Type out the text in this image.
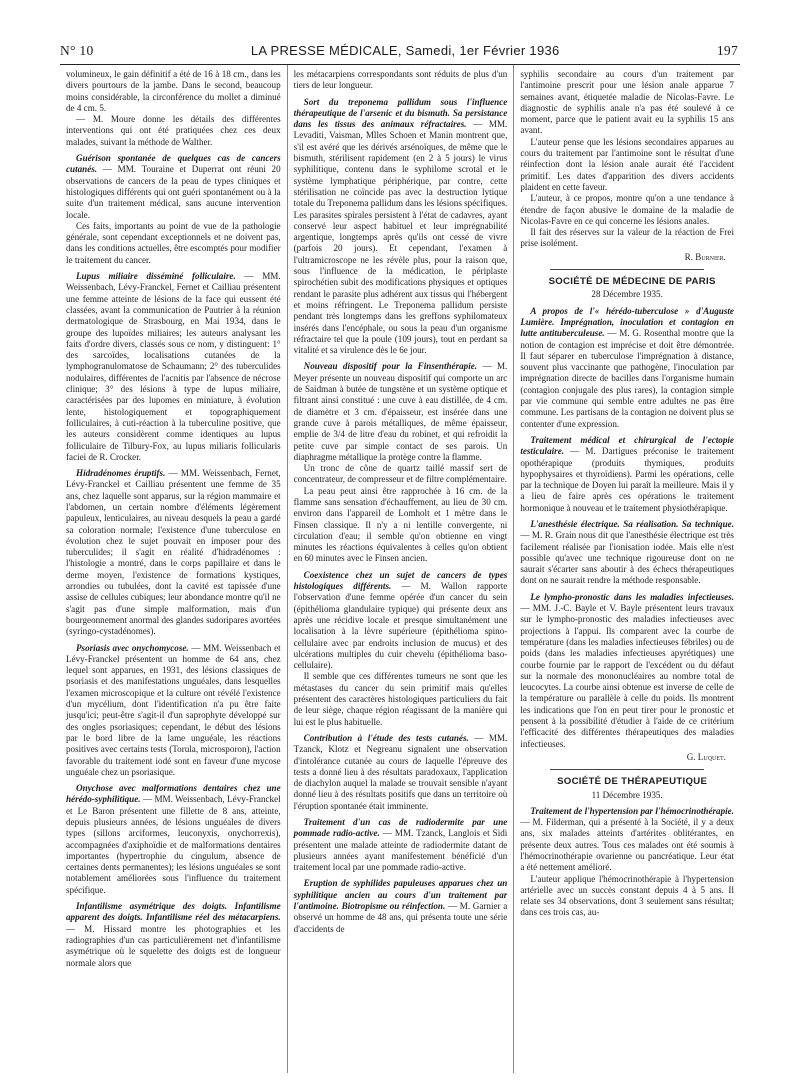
N° 10	LA PRESSE MÉDICALE, Samedi, 1er Février 1936	197

volumineux, le gain définitif a été de 16 à 18 cm., dans les divers pourtours de la jambe. Dans le second, beaucoup moins considérable, la circonférence du mollet a diminué de 4 cm. 5.

— M. Moure donne les détails des différentes interventions qui ont été pratiquées chez ces deux malades, suivant la méthode de Walther.

Guérison spontanée de quelques cas de cancers cutanés. — MM. Touraine et Duperrat ont réuni 20 observations de cancers de la peau de types cliniques et histologiques différents qui ont guéri spontanément ou à la suite d'un traitement médical, sans aucune intervention locale.

Ces faits, importants au point de vue de la pathologie générale, sont cependant exceptionnels et ne doivent pas, dans les conditions actuelles, être escomptés pour modifier le traitement du cancer.

Lupus miliaire disséminé folliculaire. — MM. Weissenbach, Lévy-Franckel, Fernet et Cailliau présentent une femme atteinte de lésions de la face qui eussent été classées, avant la communication de Pautrier à la réunion dermatologique de Strasbourg, en Mai 1934, dans le groupe des lupoïdes miliaires; les auteurs analysant les faits d'ordre divers, classés sous ce nom, y distinguent: 1° des sarcoïdes, localisations cutanées de la lymphogranulomatose de Schaumann; 2° des tuberculides nodulaires, différentes de l'acnitis par l'absence de nécrose clinique; 3° des lésions à type de lupus miliaire, caractérisées par des lupomes en miniature, à évolution lente, histologiquement et topographiquement folliculaires, à cuti-réaction à la tuberculine positive, que les auteurs considèrent comme identiques au lupus folliculaire de Tilbury-Fox, au lupus miliaris follicularis faciei de R. Crocker.

Hidradénomes éruptifs. — MM. Weissenbach, Fernet, Lévy-Franckel et Cailliau présentent une femme de 35 ans, chez laquelle sont apparus, sur la région mammaire et l'abdomen, un certain nombre d'éléments légèrement papuleux, lenticulaires, au niveau desquels la peau a gardé sa coloration normale; l'existence d'une tuberculose en évolution chez le sujet pouvait en imposer pour des tuberculides; il s'agit en réalité d'hidradénomes : l'histologie a montré, dans le corps papillaire et dans le derme moyen, l'existence de formations kystiques, arrondies ou tubulées, dont la cavité est tapissée d'une assise de cellules cubiques; leur abondance montre qu'il ne s'agit pas d'une simple malformation, mais d'un bourgeonnement anormal des glandes sudoripares avortées (syringo-cystadénomes).

Psoriasis avec onychomycose. — MM. Weissenbach et Lévy-Franckel présentent un homme de 64 ans, chez lequel sont apparues, en 1931, des lésions classiques de psoriasis et des manifestations unguéales, dans lesquelles l'examen microscopique et la culture ont révélé l'existence d'un mycélium, dont l'identification n'a pu être faite jusqu'ici; peut-être s'agit-il d'un saprophyte développé sur des ongles psoriasiques; cependant, le début des lésions par le bord libre de la lame unguéale, les réactions positives avec certains tests (Torula, microsporon), l'action favorable du traitement iodé sont en faveur d'une mycose unguéale chez un psoriasique.

Onychose avec malformations dentaires chez une hérédo-syphilitique. — MM. Weissenbach, Lévy-Franckel et Le Baron présentent une fillette de 8 ans, atteinte, depuis plusieurs années, de lésions unguéales de divers types (sillons arciformes, leuconyxis, onychorrexis), accompagnées d'axiphoïdie et de malformations dentaires importantes (hypertrophie du cingulum, absence de certaines dents permanentes); les lésions unguéales se sont notablement améliorées sous l'influence du traitement spécifique.

Infantilisme asymétrique des doigts. Infantilisme apparent des doigts. Infantilisme réel des métacarpiens. — M. Hissard montre les photographies et les radiographies d'un cas particulièrement net d'infantilisme asymétrique où le squelette des doigts est de longueur normale alors que

les métacarpiens correspondants sont réduits de plus d'un tiers de leur longueur.

Sort du treponema pallidum sous l'influence thérapeutique de l'arsenic et du bismuth. Sa persistance dans les tissus des animaux réfractaires. — MM. Levaditi, Vaisman, Mlles Schoen et Manin montrent que, s'il est avéré que les dérivés arsénoïques, de même que le bismuth, stérilisent rapidement (en 2 à 5 jours) le virus syphilitique, contenu dans le syphilome scrotal et le système lymphatique périphérique, par contre, cette stérilisation ne coïncide pas avec la destruction lytique totale du Treponema pallidum dans les lésions spécifiques. Les parasites spirales persistent à l'état de cadavres, ayant conservé leur aspect habituel et leur imprégnabilité argentique, longtemps après qu'ils ont cessé de vivre (parfois 20 jours). Et cependant, l'examen à l'ultramicroscope ne les révèle plus, pour la raison que, sous l'influence de la médication, le périplaste spirochétien subit des modifications physiques et optiques rendant le parasite plus adhérent aux tissus qui l'hébergent et moins réfringent. Le Treponema pallidum persiste pendant très longtemps dans les greffons syphilomateux insérés dans l'encéphale, ou sous la peau d'un organisme réfractaire tel que la poule (109 jours), tout en perdant sa vitalité et sa virulence dès le 6e jour.

Nouveau dispositif pour la Finsenthérapie. — M. Meyer présente un nouveau dispositif qui comporte un arc de Saidman à butée de tungstène et un système optique et filtrant ainsi constitué : une cuve à eau distillée, de 4 cm. de diamètre et 3 cm. d'épaisseur, est insérée dans une grande cuve à parois métalliques, de même épaisseur, emplie de 3/4 de litre d'eau du robinet, et qui refroidit la petite cuve par simple contact de ses parois. Un diaphragme métallique la protège contre la flamme.

Un tronc de cône de quartz taillé massif sert de concentrateur, de compresseur et de filtre complémentaire.

La peau peut ainsi être rapprochée à 16 cm. de la flamme sans sensation d'échauffement, au lieu de 30 cm. environ dans l'appareil de Lomholt et 1 mètre dans le Finsen classique. Il n'y a ni lentille convergente, ni circulation d'eau; il semble qu'on obtienne en vingt minutes les réactions équivalentes à celles qu'on obtient en 60 minutes avec le Finsen ancien.

Coexistence chez un sujet de cancers de types histologiques différents. — M. Wallon rapporte l'observation d'une femme opérée d'un cancer du sein (épithélioma glandulaire typique) qui présente deux ans après une récidive locale et presque simultanément une localisation à la lèvre supérieure (épithélioma spino-cellulaire avec par endroits inclusion de mucus) et des ulcérations multiples du cuir chevelu (épithélioma baso-cellulaire).

Il semble que ces différentes tumeurs ne sont que les métastases du cancer du sein primitif mais qu'elles présentent des caractères histologiques particuliers du fait de leur siège, chaque région réagissant de la manière qui lui est le plus habituelle.

Contribution à l'étude des tests cutanés. — MM. Tzanck, Klotz et Negreanu signalent une observation d'intolérance cutanée au cours de laquelle l'épreuve des tests a donné lieu à des résultats paradoxaux, l'application de diachylon auquel la malade se trouvait sensible n'ayant donné lieu à des résultats positifs que dans un territoire où l'éruption spontanée était imminente.

Traitement d'un cas de radiodermite par une pommade radio-active. — MM. Tzanck, Langlois et Sidi présentent une malade atteinte de radiodermite datant de plusieurs années ayant manifestement bénéficié d'un traitement local par une pommade radio-active.

Eruption de syphilides papuleuses apparues chez un syphilitique ancien au cours d'un traitement par l'antimoine. Biotropisme ou réinfection. — M. Garnier a observé un homme de 48 ans, qui présenta toute une série d'accidents de

syphilis secondaire au cours d'un traitement par l'antimoine prescrit pour une lésion anale apparue 7 semaines avant, étiquetée maladie de Nicolas-Favre. Le diagnostic de syphilis anale n'a pas été soulevé à ce moment, parce que le patient avait eu la syphilis 15 ans avant.

L'auteur pense que les lésions secondaires apparues au cours du traitement par l'antimoine sont le résultat d'une réinfection dont la lésion anale aurait été l'accident primitif. Les dates d'apparition des divers accidents plaident en cette faveur.

L'auteur, à ce propos, montre qu'on a une tendance à étendre de façon abusive le domaine de la maladie de Nicolas-Favre en ce qui concerne les lésions anales.

Il fait des réserves sur la valeur de la réaction de Frei prise isolément.

R. Burnier.

SOCIÉTÉ DE MÉDECINE DE PARIS

28 Décembre 1935.

A propos de l'« hérédo-tuberculose » d'Auguste Lumière. Imprégnation, inoculation et contagion en lutte antituberculeuse. — M. G. Rosenthal montre que la notion de contagion est imprécise et doit être démontrée. Il faut séparer en tuberculose l'imprégnation à distance, souvent plus vaccinante que pathogène, l'inoculation par imprégnation directe de bacilles dans l'organisme humain (contagion conjugale des plus rares), la contagion simple par vie commune qui semble entre adultes ne pas être commune. Les partisans de la contagion ne doivent plus se contenter d'une expression.

Traitement médical et chirurgical de l'ectopie testiculaire. — M. Dartigues préconise le traitement opothérapique (produits thymiques, produits hypophysaires et thyroïdiens). Parmi les opérations, celle par la technique de Doyen lui paraît la meilleure. Mais il y a lieu de faire après ces opérations le traitement hormonique à nouveau et le traitement physiothérapique.

L'anesthésie électrique. Sa réalisation. Sa technique. — M. R. Grain nous dit que l'anesthésie électrique est très facilement réalisée par l'ionisation iodée. Mais elle n'est possible qu'avec une technique rigoureuse dont on ne saurait s'écarter sans aboutir à des échecs thérapeutiques dont on ne saurait rendre la méthode responsable.

Le lympho-pronostic dans les maladies infectieuses. — MM. J.-C. Bayle et V. Bayle présentent leurs travaux sur le lympho-pronostic des maladies infectieuses avec projections à l'appui. Ils comparent avec la courbe de température (dans les maladies infectieuses fébriles) ou de poids (dans les maladies infectieuses apyrétiques) une courbe fournie par le rapport de l'excédent ou du défaut sur la normale des mononucléaires au nombre total de leucocytes. La courbe ainsi obtenue est inverse de celle de la température ou parallèle à celle du poids. Ils montrent les indications que l'on en peut tirer pour le pronostic et pensent à la possibilité d'étudier à l'aide de ce critérium l'efficacité des différentes thérapeutiques des maladies infectieuses.

G. Luquet.

SOCIÉTÉ DE THÉRAPEUTIQUE

11 Décembre 1935.

Traitement de l'hypertension par l'hémocrinothérapie. — M. Filderman, qui a présenté à la Société, il y a deux ans, six malades atteints d'artérites oblitérantes, en présente deux autres. Tous ces malades ont été soumis à l'hémocrinothérapie ovarienne ou pancréatique. Leur état a été nettement amélioré.

L'auteur applique l'hémocrinothérapie à l'hypertension artérielle avec un succès constant depuis 4 à 5 ans. Il relate ses 34 observations, dont 3 seulement sans résultat; dans ces trois cas, au-
